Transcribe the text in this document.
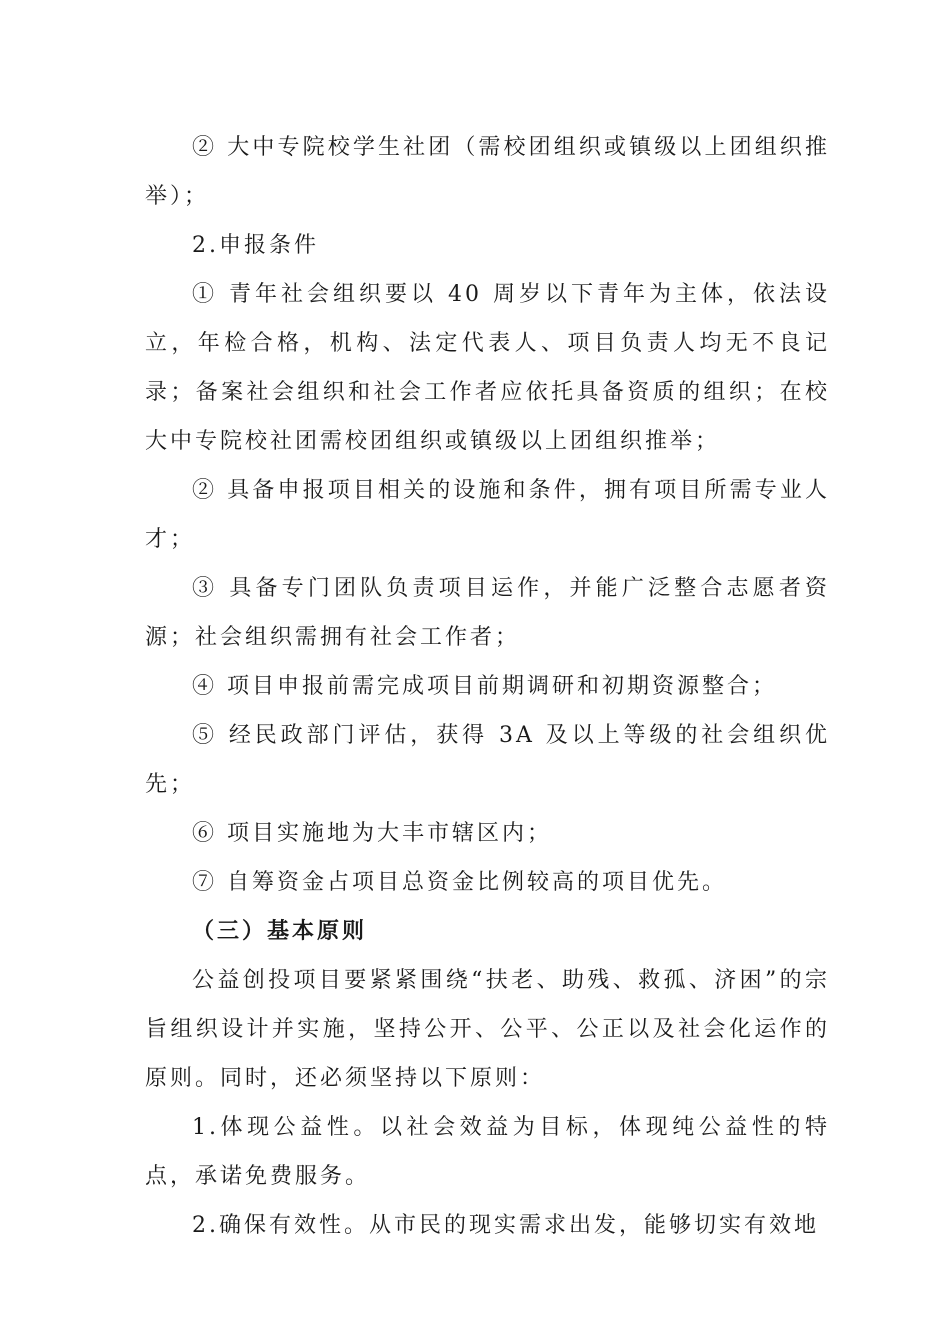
② 大中专院校学生社团（需校团组织或镇级以上团组织推举）；

2.申报条件

① 青年社会组织要以 40 周岁以下青年为主体，依法设立，年检合格，机构、法定代表人、项目负责人均无不良记录；备案社会组织和社会工作者应依托具备资质的组织；在校大中专院校社团需校团组织或镇级以上团组织推举；

② 具备申报项目相关的设施和条件，拥有项目所需专业人才；

③ 具备专门团队负责项目运作，并能广泛整合志愿者资源；社会组织需拥有社会工作者；

④ 项目申报前需完成项目前期调研和初期资源整合；

⑤ 经民政部门评估，获得 3A 及以上等级的社会组织优先；

⑥ 项目实施地为大丰市辖区内；

⑦ 自筹资金占项目总资金比例较高的项目优先。

（三）基本原则

公益创投项目要紧紧围绕“扶老、助残、救孤、济困”的宗旨组织设计并实施，坚持公开、公平、公正以及社会化运作的原则。同时，还必须坚持以下原则：

1.体现公益性。以社会效益为目标，体现纯公益性的特点，承诺免费服务。

2.确保有效性。从市民的现实需求出发，能够切实有效地
